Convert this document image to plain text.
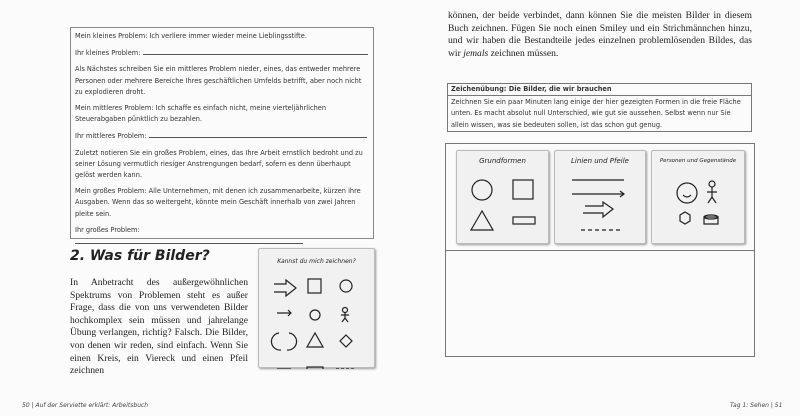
Mein kleines Problem: Ich verliere immer wieder meine Lieblingsstifte.

Ihr kleines Problem:

Als Nächstes schreiben Sie ein mittleres Problem nieder, eines, das entweder mehrere Personen oder mehrere Bereiche Ihres geschäftlichen Umfelds betrifft, aber noch nicht zu explodieren droht.

Mein mittleres Problem: Ich schaffe es einfach nicht, meine vierteljährlichen Steuerabgaben pünktlich zu bezahlen.

Ihr mittleres Problem:

Zuletzt notieren Sie ein großes Problem, eines, das Ihre Arbeit ernstlich bedroht und zu seiner Lösung vermutlich riesiger Anstrengungen bedarf, sofern es denn überhaupt gelöst werden kann.

Mein großes Problem: Alle Unternehmen, mit denen ich zusammenarbeite, kürzen ihre Ausgaben. Wenn das so weitergeht, könnte mein Geschäft innerhalb von zwei Jahren pleite sein.

Ihr großes Problem:

2. Was für Bilder?
In Anbetracht des außergewöhnlichen Spektrums von Problemen steht es außer Frage, dass die von uns verwendeten Bilder hochkomplex sein müssen und jahrelange Übung verlangen, richtig? Falsch. Die Bilder, von denen wir reden, sind einfach. Wenn Sie einen Kreis, ein Viereck und einen Pfeil zeichnen
Kannst du mich zeichnen?
50 | Auf der Serviette erklärt: Arbeitsbuch
können, der beide verbindet, dann können Sie die meisten Bilder in diesem Buch zeichnen. Fügen Sie noch einen Smiley und ein Strichmännchen hinzu, und wir haben die Bestandteile jedes einzelnen problemlösenden Bildes, das wir jemals zeichnen müssen.
Zeichenübung: Die Bilder, die wir brauchen
Zeichnen Sie ein paar Minuten lang einige der hier gezeigten Formen in die freie Fläche unten. Es macht absolut null Unterschied, wie gut sie aussehen. Selbst wenn nur Sie allein wissen, was sie bedeuten sollen, ist das schon gut genug.
Grundformen	Linien und Pfeile	Personen und Gegenstände
Tag 1: Sehen | 51
